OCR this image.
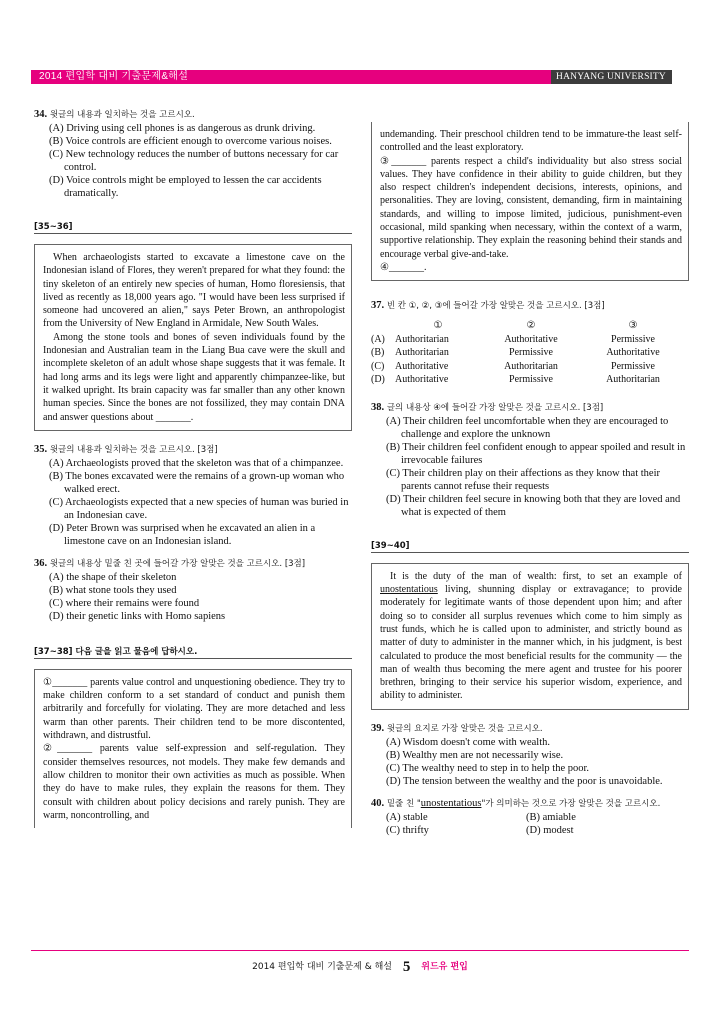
2014 편입학 대비 기출문제&해설	HANYANG UNIVERSITY

34. 윗글의 내용과 일치하는 것을 고르시오.

(A) Driving using cell phones is as dangerous as drunk driving.

(B) Voice controls are efficient enough to overcome various noises.

(C) New technology reduces the number of buttons necessary for car control.

(D) Voice controls might be employed to lessen the car accidents dramatically.

[35~36]

When archaeologists started to excavate a limestone cave on the Indonesian island of Flores, they weren't prepared for what they found: the tiny skeleton of an entirely new species of human, Homo floresiensis, that lived as recently as 18,000 years ago. "I would have been less surprised if someone had uncovered an alien," says Peter Brown, an anthropologist from the University of New England in Armidale, New South Wales.

Among the stone tools and bones of seven individuals found by the Indonesian and Australian team in the Liang Bua cave were the skull and incomplete skeleton of an adult whose shape suggests that it was female. It had long arms and its legs were light and apparently chimpanzee-like, but it walked upright. Its brain capacity was far smaller than any other known human species. Since the bones are not fossilized, they may contain DNA and answer questions about _______.

35. 윗글의 내용과 일치하는 것을 고르시오. [3점]

(A) Archaeologists proved that the skeleton was that of a chimpanzee.

(B) The bones excavated were the remains of a grown-up woman who walked erect.

(C) Archaeologists expected that a new species of human was buried in an Indonesian cave.

(D) Peter Brown was surprised when he excavated an alien in a limestone cave on an Indonesian island.

36. 윗글의 내용상 밑줄 친 곳에 들어갈 가장 알맞은 것을 고르시오. [3점]

(A) the shape of their skeleton

(B) what stone tools they used

(C) where their remains were found

(D) their genetic links with Homo sapiens

[37~38] 다음 글을 읽고 물음에 답하시오.

①_______ parents value control and unquestioning obedience. They try to make children conform to a set standard of conduct and punish them arbitrarily and forcefully for violating. They are more detached and less warm than other parents. Their children tend to be more discontented, withdrawn, and distrustful.

②_______ parents value self-expression and self-regulation. They consider themselves resources, not models. They make few demands and allow children to monitor their own activities as much as possible. When they do have to make rules, they explain the reasons for them. They consult with children about policy decisions and rarely punish. They are warm, noncontrolling, and

undemanding. Their preschool children tend to be immature-the least self-controlled and the least exploratory.

③_______ parents respect a child's individuality but also stress social values. They have confidence in their ability to guide children, but they also respect children's independent decisions, interests, opinions, and personalities. They are loving, consistent, demanding, firm in maintaining standards, and willing to impose limited, judicious, punishment-even occasional, mild spanking when necessary, within the context of a warm, supportive relationship. They explain the reasoning behind their stands and encourage verbal give-and-take.

④_______.

37. 빈 칸 ①, ②, ③에 들어갈 가장 알맞은 것을 고르시오. [3점]

①	②	③
(A)	Authoritarian	Authoritative	Permissive
(B)	Authoritarian	Permissive	Authoritative
(C)	Authoritative	Authoritarian	Permissive
(D)	Authoritative	Permissive	Authoritarian

38. 글의 내용상 ④에 들어갈 가장 알맞은 것을 고르시오. [3점]

(A) Their children feel uncomfortable when they are encouraged to challenge and explore the unknown

(B) Their children feel confident enough to appear spoiled and result in irrevocable failures

(C) Their children play on their affections as they know that their parents cannot refuse their requests

(D) Their children feel secure in knowing both that they are loved and what is expected of them

[39~40]

It is the duty of the man of wealth: first, to set an example of unostentatious living, shunning display or extravagance; to provide moderately for legitimate wants of those dependent upon him; and after doing so to consider all surplus revenues which come to him simply as trust funds, which he is called upon to administer, and strictly bound as matter of duty to administer in the manner which, in his judgment, is best calculated to produce the most beneficial results for the community — the man of wealth thus becoming the mere agent and trustee for his poorer brethren, bringing to their service his superior wisdom, experience, and ability to administer.

39. 윗글의 요지로 가장 알맞은 것을 고르시오.

(A) Wisdom doesn't come with wealth.

(B) Wealthy men are not necessarily wise.

(C) The wealthy need to step in to help the poor.

(D) The tension between the wealthy and the poor is unavoidable.

40. 밑줄 친 "unostentatious"가 의미하는 것으로 가장 알맞은 것을 고르시오.

(A) stable	(B) amiable
(C) thrifty	(D) modest
2014 편입학 대비 기출문제 & 해설 5 위드유 편입
